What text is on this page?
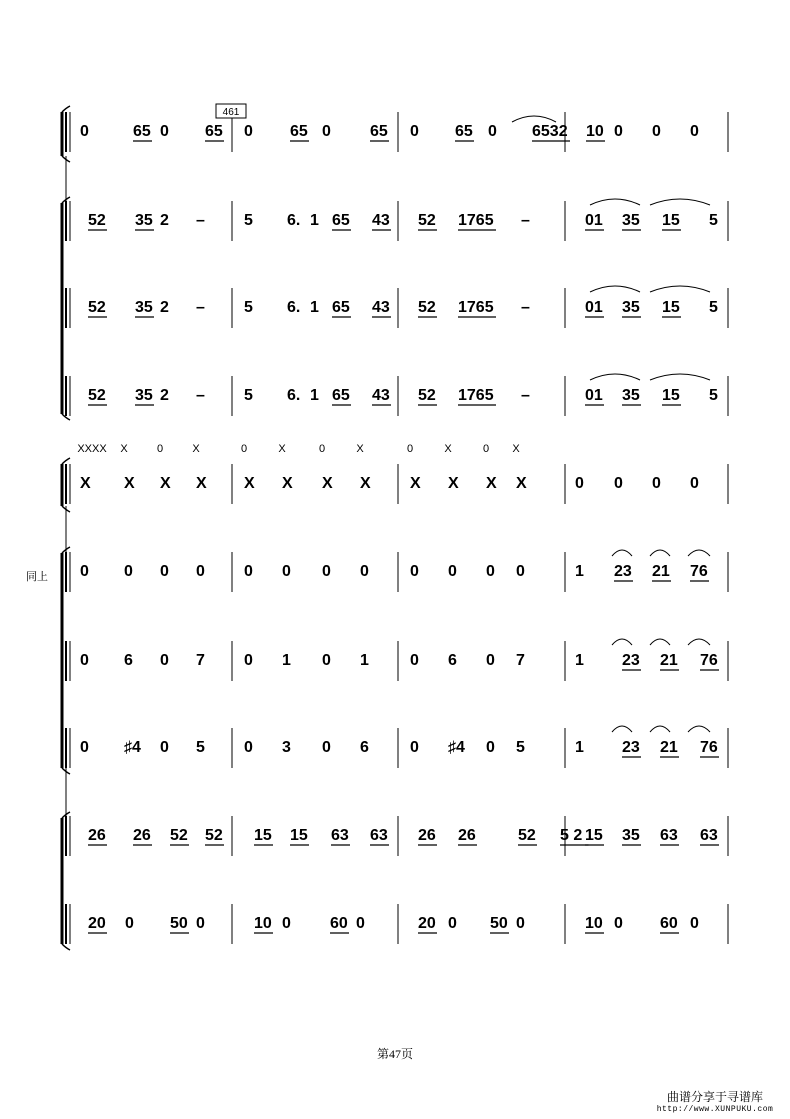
0	65 0 65 0 65 0 65 0 65 0 6532 10 0 0 0
52 35 2 – 5 6. 1 65 43 52 1765 –	01 35 15 5
52 35 2 – 5 6. 1 65 43 52 1765 –	01 35 15 5
52 35 2 – 5 6. 1 65 43 52 1765 –	01 35 15 5
X X X X X X X X X X X X	0 0 0 0
0 0 0 0 0 0 0 0	0 0 0 0	1 23 21 76
0 6 0 7 0 1 0 1	0 6 0 7	1 23 21 76
0 ♯4 0 5 0 3 0 6	0 ♯4 0 5	1 23 21 76
26 26 52 52 15 15 63 63 26 26	52 5 2 15 35 63 63
20 0 50 0	10 0 60 0	20 0 50 0	10 0 60 0
461
XXXX X	0	X	0	X	0	X	0	X	0 X
同上
第47页
曲谱分享于寻谱库
http://www.XUNPUKU.com
